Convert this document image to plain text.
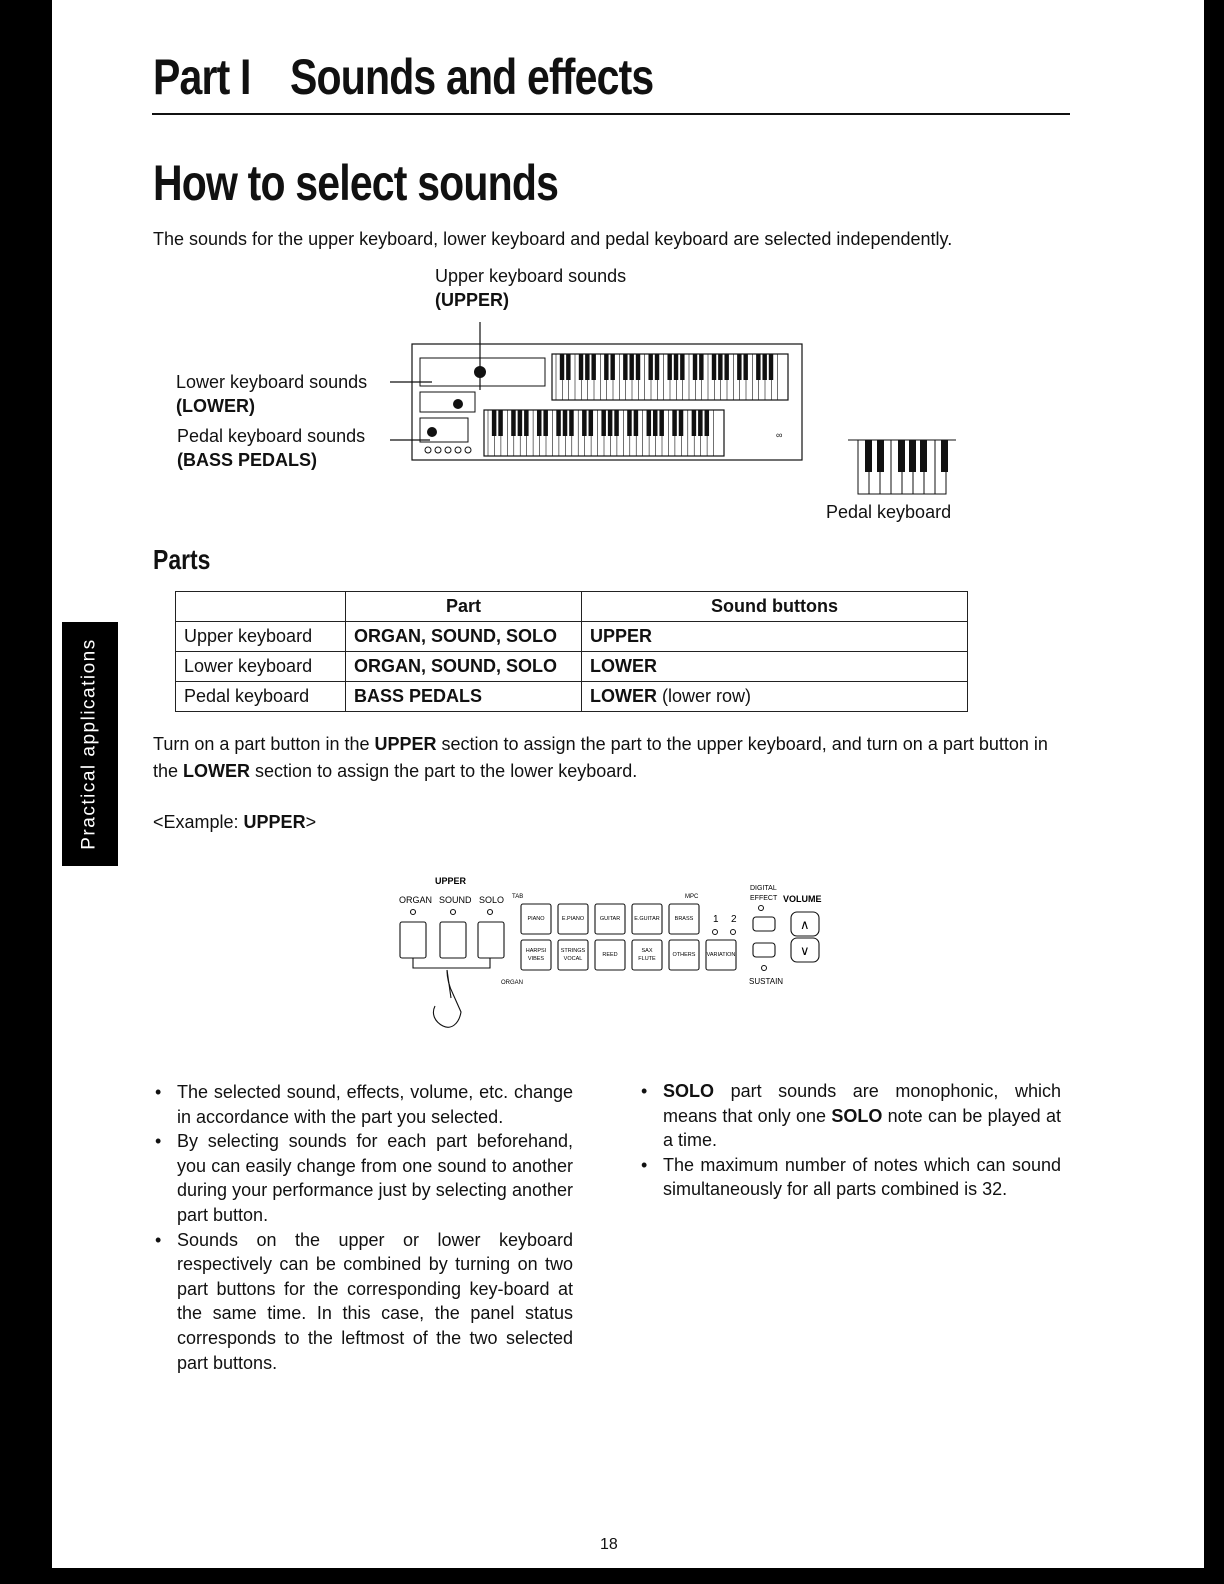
Practical applications
Part I Sounds and effects
How to select sounds
The sounds for the upper keyboard, lower keyboard and pedal keyboard are selected independently.
Upper keyboard sounds
(UPPER)
Lower keyboard sounds
(LOWER)
Pedal keyboard sounds
(BASS PEDALS)
Pedal keyboard
∞
Parts
	Part	Sound buttons
Upper keyboard	ORGAN, SOUND, SOLO	UPPER
Lower keyboard	ORGAN, SOUND, SOLO	LOWER
Pedal keyboard	BASS PEDALS	LOWER (lower row)
Turn on a part button in the UPPER section to assign the part to the upper keyboard, and turn on a part button in the LOWER section to assign the part to the lower keyboard.
<Example: UPPER>
UPPER
ORGAN SOUND SOLO TAB	MPC
ORGAN
PIANO	E.PIANO	GUITAR	E.GUITAR	BRASS
HARPSI
VIBES
STRINGS
VOCAL
REED
SAX
FLUTE
OTHERS VARIATION
1 2
DIGITAL
EFFECT VOLUME
∧
∨
SUSTAIN
• The selected sound, effects, volume, etc. change in accordance with the part you selected.
• By selecting sounds for each part beforehand, you can easily change from one sound to another during your performance just by selecting another part button.
• Sounds on the upper or lower keyboard respectively can be combined by turning on two part buttons for the corresponding key-board at the same time. In this case, the panel status corresponds to the leftmost of the two selected part buttons.
• SOLO part sounds are monophonic, which means that only one SOLO note can be played at a time.
• The maximum number of notes which can sound simultaneously for all parts combined is 32.
18
